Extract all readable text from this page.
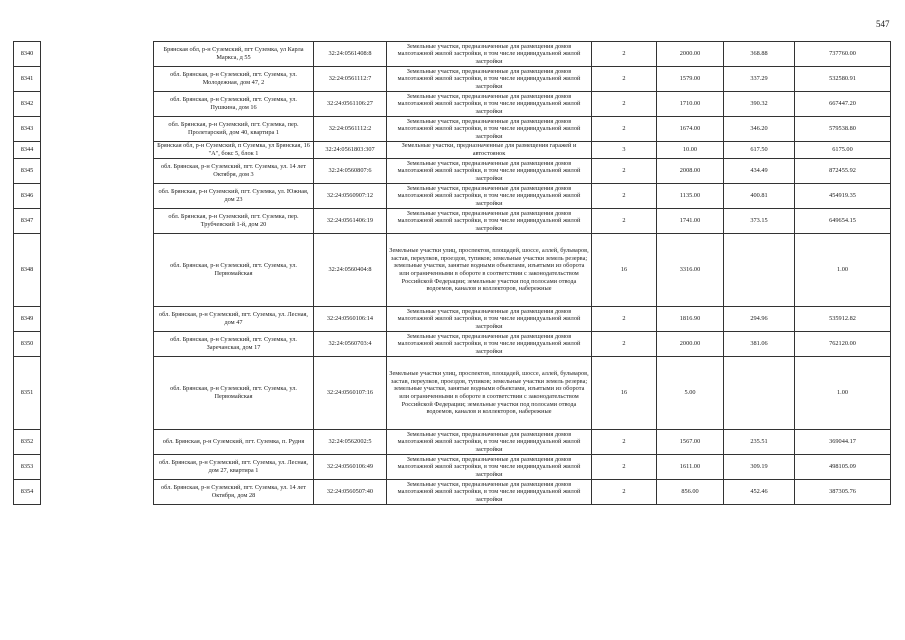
547
8340		Брянская обл, р-н Суземский, пгт Суземка, ул Карла Маркса, д 55	32:24:0561408:8	Земельные участки, предназначенные для размещения домов малоэтажной жилой застройки, в том числе индивидуальной жилой застройки	2	2000.00	368.88	737760.00
8341		обл. Брянская, р-н Суземский, пгт. Суземка, ул. Молодежная, дом 47, 2	32:24:0561112:7	Земельные участки, предназначенные для размещения домов малоэтажной жилой застройки, в том числе индивидуальной жилой застройки	2	1579.00	337.29	532580.91
8342		обл. Брянская, р-н Суземский, пгт. Суземка, ул. Пушкина, дом 16	32:24:0561106:27	Земельные участки, предназначенные для размещения домов малоэтажной жилой застройки, в том числе индивидуальной жилой застройки	2	1710.00	390.32	667447.20
8343		обл. Брянская, р-н Суземский, пгт. Суземка, пер. Пролетарский, дом 40, квартира 1	32:24:0561112:2	Земельные участки, предназначенные для размещения домов малоэтажной жилой застройки, в том числе индивидуальной жилой застройки	2	1674.00	346.20	579538.80
8344		Брянская обл, р-н Суземский, п Суземка, ул Брянская, 16 "А", бокс 5, блок 1	32:24:0561803:307	Земельные участки, предназначенные для размещения гаражей и автостоянок	3	10.00	617.50	6175.00
8345		обл. Брянская, р-н Суземский, пгт. Суземка, ул. 14 лет Октября, дом 3	32:24:0560807:6	Земельные участки, предназначенные для размещения домов малоэтажной жилой застройки, в том числе индивидуальной жилой застройки	2	2008.00	434.49	872455.92
8346		обл. Брянская, р-н Суземский, пгт. Суземка, ул. Южная, дом 23	32:24:0560907:12	Земельные участки, предназначенные для размещения домов малоэтажной жилой застройки, в том числе индивидуальной жилой застройки	2	1135.00	400.81	454919.35
8347		обл. Брянская, р-н Суземский, пгт. Суземка, пер. Трубчевский 1-й, дом 20	32:24:0561406:19	Земельные участки, предназначенные для размещения домов малоэтажной жилой застройки, в том числе индивидуальной жилой застройки	2	1741.00	373.15	649654.15
8348		обл. Брянская, р-н Суземский, пгт. Суземка, ул. Первомайская	32:24:0560404:8	Земельные участки улиц, проспектов, площадей, шоссе, аллей, бульваров, застав, переулков, проездов, тупиков; земельные участки земель резерва; земельные участки, занятые водными объектами, изъятыми из оборота или ограниченными в обороте в соответствии с законодательством Российской Федерации; земельные участки под полосами отвода водоемов, каналов и коллекторов, набережные	16	3316.00		1.00
8349		обл. Брянская, р-н Суземский, пгт. Суземка, ул. Лесная, дом 47	32:24:0560106:14	Земельные участки, предназначенные для размещения домов малоэтажной жилой застройки, в том числе индивидуальной жилой застройки	2	1816.90	294.96	535912.82
8350		обл. Брянская, р-н Суземский, пгт. Суземка, ул. Заречанская, дом 17	32:24:0560703:4	Земельные участки, предназначенные для размещения домов малоэтажной жилой застройки, в том числе индивидуальной жилой застройки	2	2000.00	381.06	762120.00
8351		обл. Брянская, р-н Суземский, пгт. Суземка, ул. Первомайская	32:24:0560107:16	Земельные участки улиц, проспектов, площадей, шоссе, аллей, бульваров, застав, переулков, проездов, тупиков; земельные участки земель резерва; земельные участки, занятые водными объектами, изъятыми из оборота или ограниченными в обороте в соответствии с законодательством Российской Федерации; земельные участки под полосами отвода водоемов, каналов и коллекторов, набережные	16	5.00		1.00
8352		обл. Брянская, р-н Суземский, пгт. Суземка, п. Рудня	32:24:0562002:5	Земельные участки, предназначенные для размещения домов малоэтажной жилой застройки, в том числе индивидуальной жилой застройки	2	1567.00	235.51	369044.17
8353		обл. Брянская, р-н Суземский, пгт. Суземка, ул. Лесная, дом 27, квартира 1	32:24:0560106:49	Земельные участки, предназначенные для размещения домов малоэтажной жилой застройки, в том числе индивидуальной жилой застройки	2	1611.00	309.19	498105.09
8354		обл. Брянская, р-н Суземский, пгт. Суземка, ул. 14 лет Октября, дом 28	32:24:0560507:40	Земельные участки, предназначенные для размещения домов малоэтажной жилой застройки, в том числе индивидуальной жилой застройки	2	856.00	452.46	387305.76
